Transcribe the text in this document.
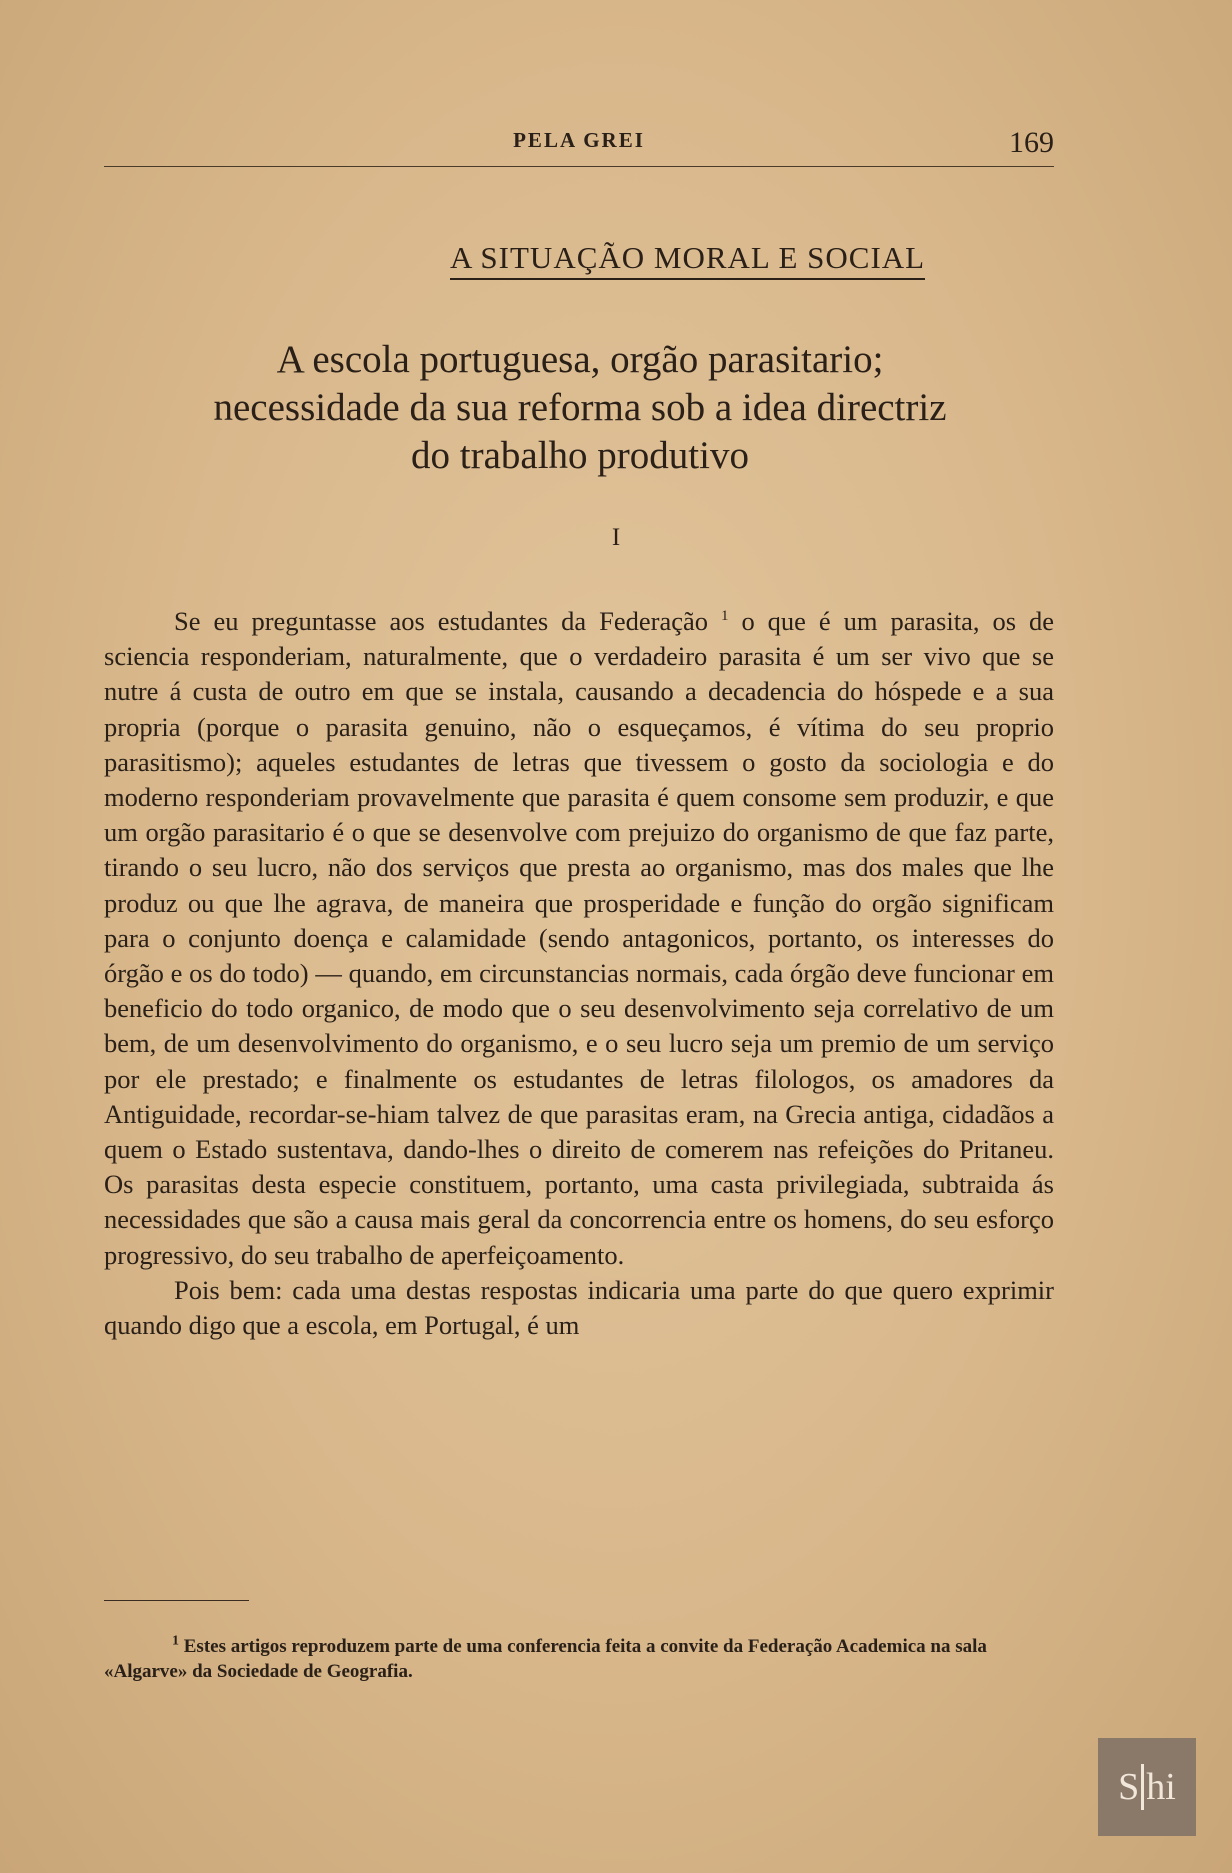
PELA GREI	169
A SITUAÇÃO MORAL E SOCIAL
A escola portuguesa, orgão parasitario;
necessidade da sua reforma sob a idea directriz
do trabalho produtivo
I

Se eu preguntasse aos estudantes da Federação $^1$ o que é um parasita, os de sciencia responderiam, naturalmente, que o verdadeiro parasita é um ser vivo que se nutre á custa de outro em que se instala, causando a decadencia do hóspede e a sua propria (porque o parasita genuino, não o esqueçamos, é vítima do seu proprio parasitismo); aqueles estudantes de letras que tivessem o gosto da sociologia e do moderno responderiam provavelmente que parasita é quem consome sem produzir, e que um orgão parasitario é o que se desenvolve com prejuizo do organismo de que faz parte, tirando o seu lucro, não dos serviços que presta ao organismo, mas dos males que lhe produz ou que lhe agrava, de maneira que prosperidade e função do orgão significam para o conjunto doença e calamidade (sendo antagonicos, portanto, os interesses do órgão e os do todo) — quando, em circunstancias normais, cada órgão deve funcionar em beneficio do todo organico, de modo que o seu desenvolvimento seja correlativo de um bem, de um desenvolvimento do organismo, e o seu lucro seja um premio de um serviço por ele prestado; e finalmente os estudantes de letras filologos, os amadores da Antiguidade, recordar-se-hiam talvez de que parasitas eram, na Grecia antiga, cidadãos a quem o Estado sustentava, dando-lhes o direito de comerem nas refeições do Pritaneu. Os parasitas desta especie constituem, portanto, uma casta privilegiada, subtraida ás necessidades que são a causa mais geral da concorrencia entre os homens, do seu esforço progressivo, do seu trabalho de aperfeiçoamento.

Pois bem: cada uma destas respostas indicaria uma parte do que quero exprimir quando digo que a escola, em Portugal, é um

$^1$ Estes artigos reproduzem parte de uma conferencia feita a convite da Federação Academica na sala «Algarve» da Sociedade de Geografia.
S hi
